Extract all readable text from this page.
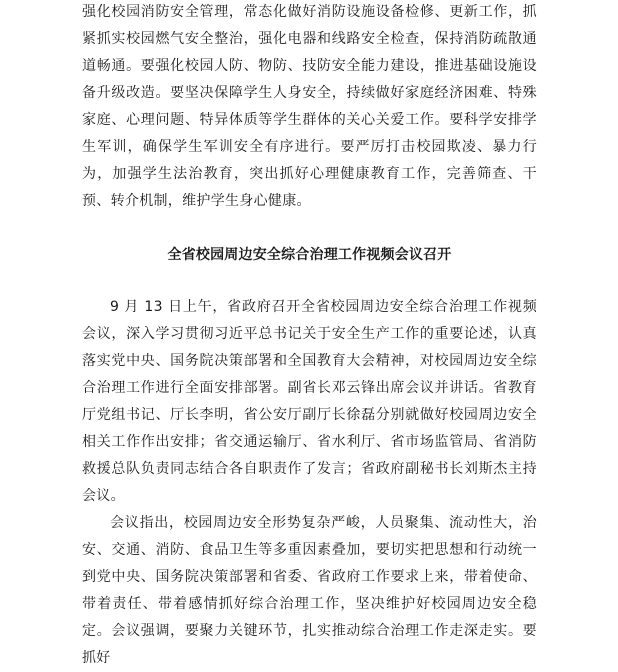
强化校园消防安全管理，常态化做好消防设施设备检修、更新工作，抓紧抓实校园燃气安全整治，强化电器和线路安全检查，保持消防疏散通道畅通。要强化校园人防、物防、技防安全能力建设，推进基础设施设备升级改造。要坚决保障学生人身安全，持续做好家庭经济困难、特殊家庭、心理问题、特异体质等学生群体的关心关爱工作。要科学安排学生军训，确保学生军训安全有序进行。要严厉打击校园欺凌、暴力行为，加强学生法治教育，突出抓好心理健康教育工作，完善筛查、干预、转介机制，维护学生身心健康。

全省校园周边安全综合治理工作视频会议召开

9 月 13 日上午，省政府召开全省校园周边安全综合治理工作视频会议，深入学习贯彻习近平总书记关于安全生产工作的重要论述，认真落实党中央、国务院决策部署和全国教育大会精神，对校园周边安全综合治理工作进行全面安排部署。副省长邓云锋出席会议并讲话。省教育厅党组书记、厅长李明，省公安厅副厅长徐磊分别就做好校园周边安全相关工作作出安排；省交通运输厅、省水利厅、省市场监管局、省消防救援总队负责同志结合各自职责作了发言；省政府副秘书长刘斯杰主持会议。

会议指出，校园周边安全形势复杂严峻，人员聚集、流动性大，治安、交通、消防、食品卫生等多重因素叠加，要切实把思想和行动统一到党中央、国务院决策部署和省委、省政府工作要求上来，带着使命、带着责任、带着感情抓好综合治理工作，坚决维护好校园周边安全稳定。会议强调，要聚力关键环节，扎实推动综合治理工作走深走实。要抓好
